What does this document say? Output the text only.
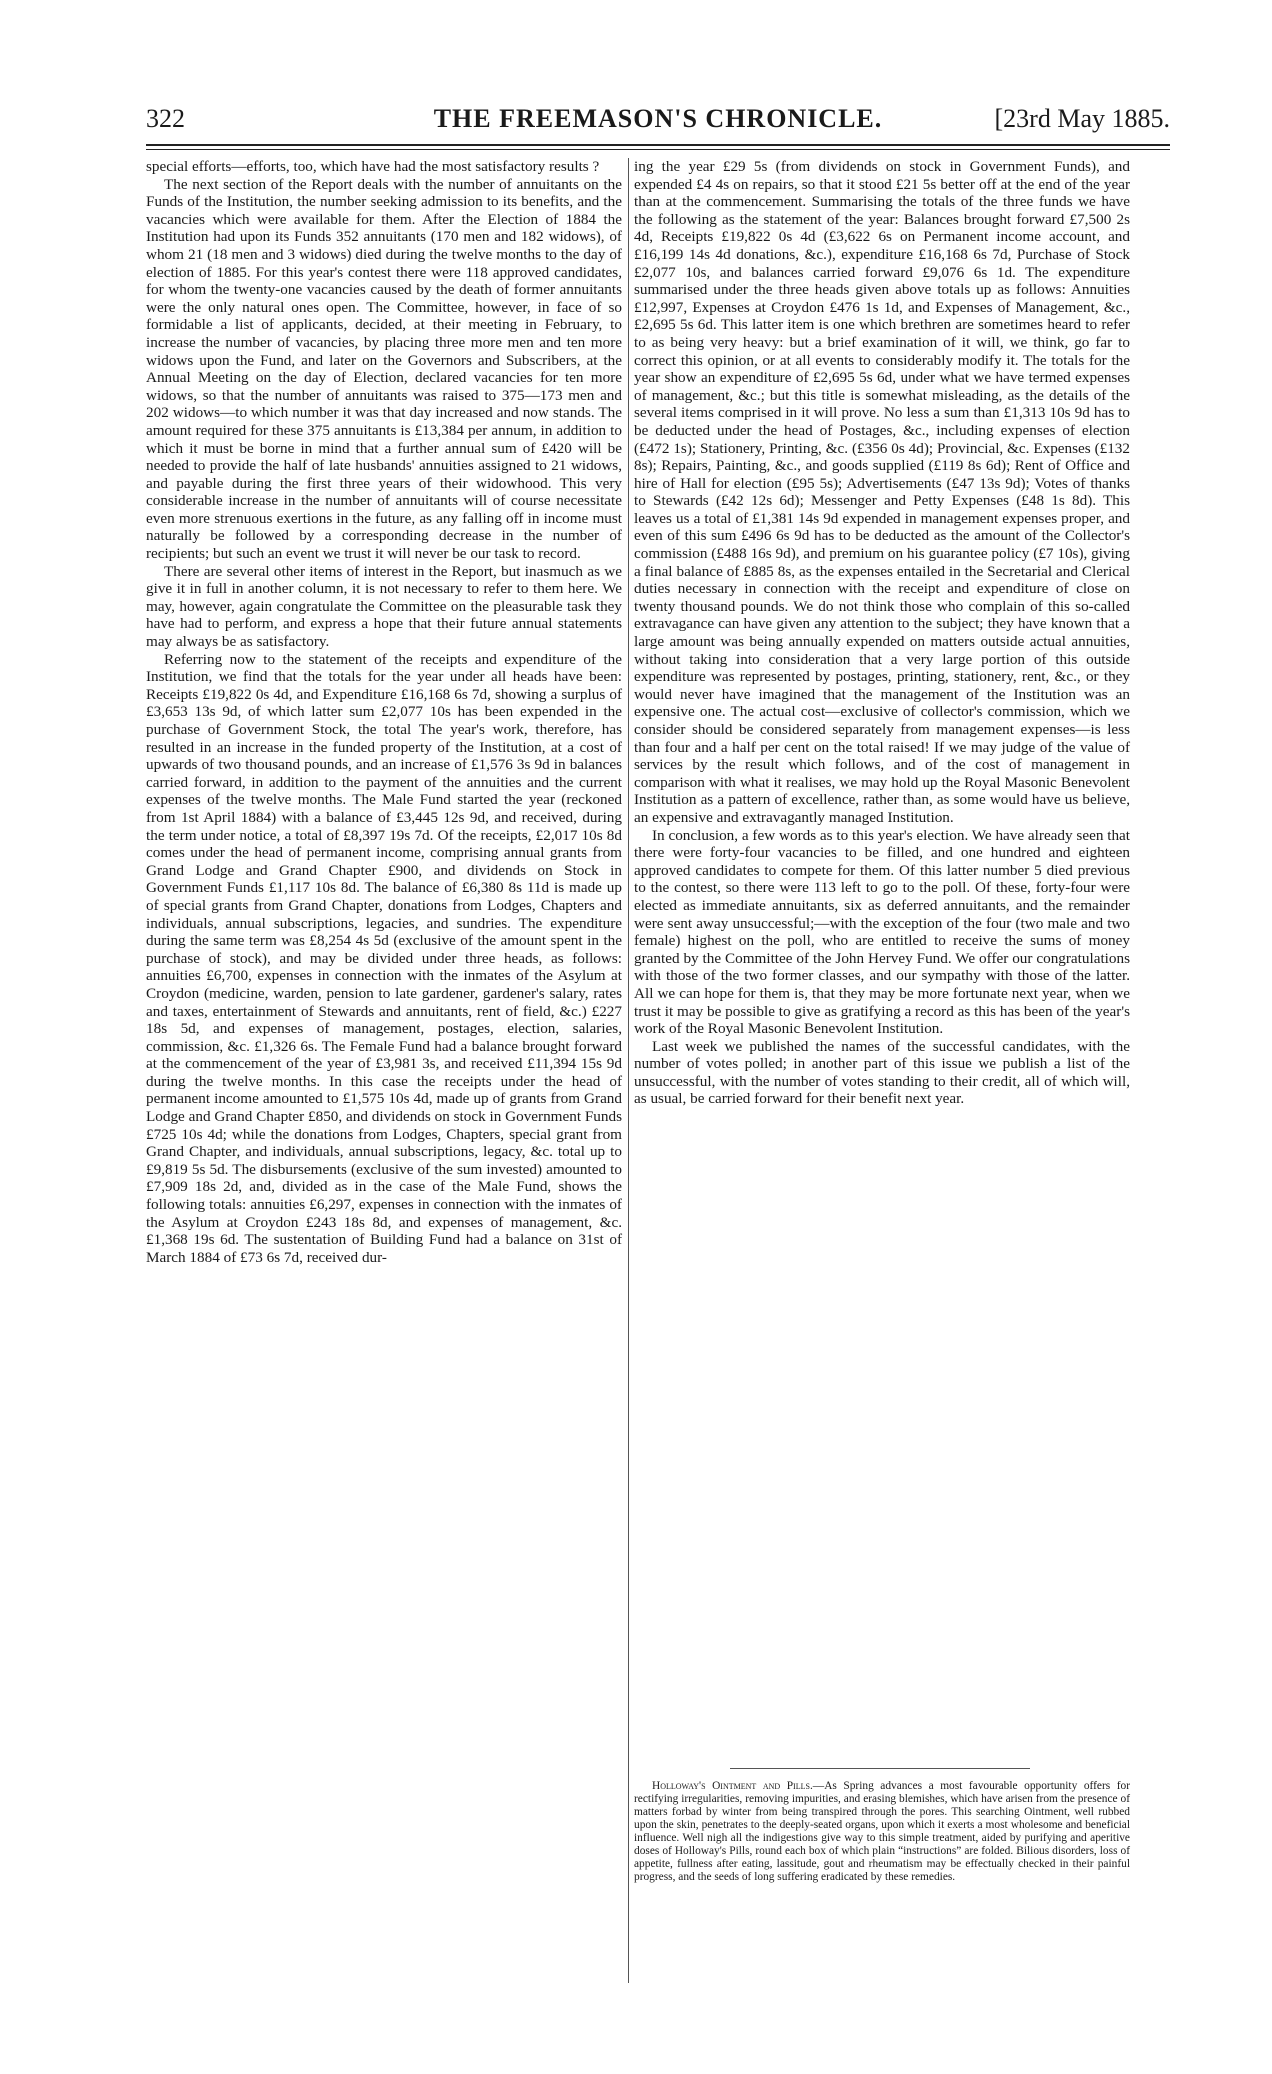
322	THE FREEMASON'S CHRONICLE.	[23rd May 1885.

special efforts—efforts, too, which have had the most satisfactory results ?

The next section of the Report deals with the number of annuitants on the Funds of the Institution, the number seeking admission to its benefits, and the vacancies which were available for them. After the Election of 1884 the Institution had upon its Funds 352 annuitants (170 men and 182 widows), of whom 21 (18 men and 3 widows) died during the twelve months to the day of election of 1885. For this year's contest there were 118 approved candidates, for whom the twenty-one vacancies caused by the death of former annuitants were the only natural ones open. The Committee, however, in face of so formidable a list of applicants, decided, at their meeting in February, to increase the number of vacancies, by placing three more men and ten more widows upon the Fund, and later on the Governors and Subscribers, at the Annual Meeting on the day of Election, declared vacancies for ten more widows, so that the number of annuitants was raised to 375—173 men and 202 widows—to which number it was that day increased and now stands. The amount required for these 375 annuitants is £13,384 per annum, in addition to which it must be borne in mind that a further annual sum of £420 will be needed to provide the half of late husbands' annuities assigned to 21 widows, and payable during the first three years of their widowhood. This very considerable increase in the number of annuitants will of course necessitate even more strenuous exertions in the future, as any falling off in income must naturally be followed by a corresponding decrease in the number of recipients; but such an event we trust it will never be our task to record.

There are several other items of interest in the Report, but inasmuch as we give it in full in another column, it is not necessary to refer to them here. We may, however, again congratulate the Committee on the pleasurable task they have had to perform, and express a hope that their future annual statements may always be as satisfactory.

Referring now to the statement of the receipts and expenditure of the Institution, we find that the totals for the year under all heads have been: Receipts £19,822 0s 4d, and Expenditure £16,168 6s 7d, showing a surplus of £3,653 13s 9d, of which latter sum £2,077 10s has been expended in the purchase of Government Stock, the total The year's work, therefore, has resulted in an increase in the funded property of the Institution, at a cost of upwards of two thousand pounds, and an increase of £1,576 3s 9d in balances carried forward, in addition to the payment of the annuities and the current expenses of the twelve months. The Male Fund started the year (reckoned from 1st April 1884) with a balance of £3,445 12s 9d, and received, during the term under notice, a total of £8,397 19s 7d. Of the receipts, £2,017 10s 8d comes under the head of permanent income, comprising annual grants from Grand Lodge and Grand Chapter £900, and dividends on Stock in Government Funds £1,117 10s 8d. The balance of £6,380 8s 11d is made up of special grants from Grand Chapter, donations from Lodges, Chapters and individuals, annual subscriptions, legacies, and sundries. The expenditure during the same term was £8,254 4s 5d (exclusive of the amount spent in the purchase of stock), and may be divided under three heads, as follows: annuities £6,700, expenses in connection with the inmates of the Asylum at Croydon (medicine, warden, pension to late gardener, gardener's salary, rates and taxes, entertainment of Stewards and annuitants, rent of field, &c.) £227 18s 5d, and expenses of management, postages, election, salaries, commission, &c. £1,326 6s. The Female Fund had a balance brought forward at the commencement of the year of £3,981 3s, and received £11,394 15s 9d during the twelve months. In this case the receipts under the head of permanent income amounted to £1,575 10s 4d, made up of grants from Grand Lodge and Grand Chapter £850, and dividends on stock in Government Funds £725 10s 4d; while the donations from Lodges, Chapters, special grant from Grand Chapter, and individuals, annual subscriptions, legacy, &c. total up to £9,819 5s 5d. The disbursements (exclusive of the sum invested) amounted to £7,909 18s 2d, and, divided as in the case of the Male Fund, shows the following totals: annuities £6,297, expenses in connection with the inmates of the Asylum at Croydon £243 18s 8d, and expenses of management, &c. £1,368 19s 6d. The sustentation of Building Fund had a balance on 31st of March 1884 of £73 6s 7d, received dur-

ing the year £29 5s (from dividends on stock in Government Funds), and expended £4 4s on repairs, so that it stood £21 5s better off at the end of the year than at the commencement. Summarising the totals of the three funds we have the following as the statement of the year: Balances brought forward £7,500 2s 4d, Receipts £19,822 0s 4d (£3,622 6s on Permanent income account, and £16,199 14s 4d donations, &c.), expenditure £16,168 6s 7d, Purchase of Stock £2,077 10s, and balances carried forward £9,076 6s 1d. The expenditure summarised under the three heads given above totals up as follows: Annuities £12,997, Expenses at Croydon £476 1s 1d, and Expenses of Management, &c., £2,695 5s 6d. This latter item is one which brethren are sometimes heard to refer to as being very heavy: but a brief examination of it will, we think, go far to correct this opinion, or at all events to considerably modify it. The totals for the year show an expenditure of £2,695 5s 6d, under what we have termed expenses of management, &c.; but this title is somewhat misleading, as the details of the several items comprised in it will prove. No less a sum than £1,313 10s 9d has to be deducted under the head of Postages, &c., including expenses of election (£472 1s); Stationery, Printing, &c. (£356 0s 4d); Provincial, &c. Expenses (£132 8s); Repairs, Painting, &c., and goods supplied (£119 8s 6d); Rent of Office and hire of Hall for election (£95 5s); Advertisements (£47 13s 9d); Votes of thanks to Stewards (£42 12s 6d); Messenger and Petty Expenses (£48 1s 8d). This leaves us a total of £1,381 14s 9d expended in management expenses proper, and even of this sum £496 6s 9d has to be deducted as the amount of the Collector's commission (£488 16s 9d), and premium on his guarantee policy (£7 10s), giving a final balance of £885 8s, as the expenses entailed in the Secretarial and Clerical duties necessary in connection with the receipt and expenditure of close on twenty thousand pounds. We do not think those who complain of this so-called extravagance can have given any attention to the subject; they have known that a large amount was being annually expended on matters outside actual annuities, without taking into consideration that a very large portion of this outside expenditure was represented by postages, printing, stationery, rent, &c., or they would never have imagined that the management of the Institution was an expensive one. The actual cost—exclusive of collector's commission, which we consider should be considered separately from management expenses—is less than four and a half per cent on the total raised! If we may judge of the value of services by the result which follows, and of the cost of management in comparison with what it realises, we may hold up the Royal Masonic Benevolent Institution as a pattern of excellence, rather than, as some would have us believe, an expensive and extravagantly managed Institution.

In conclusion, a few words as to this year's election. We have already seen that there were forty-four vacancies to be filled, and one hundred and eighteen approved candidates to compete for them. Of this latter number 5 died previous to the contest, so there were 113 left to go to the poll. Of these, forty-four were elected as immediate annuitants, six as deferred annuitants, and the remainder were sent away unsuccessful;—with the exception of the four (two male and two female) highest on the poll, who are entitled to receive the sums of money granted by the Committee of the John Hervey Fund. We offer our congratulations with those of the two former classes, and our sympathy with those of the latter. All we can hope for them is, that they may be more fortunate next year, when we trust it may be possible to give as gratifying a record as this has been of the year's work of the Royal Masonic Benevolent Institution.

Last week we published the names of the successful candidates, with the number of votes polled; in another part of this issue we publish a list of the unsuccessful, with the number of votes standing to their credit, all of which will, as usual, be carried forward for their benefit next year.

Holloway's Ointment and Pills.—As Spring advances a most favourable opportunity offers for rectifying irregularities, removing impurities, and erasing blemishes, which have arisen from the presence of matters forbad by winter from being transpired through the pores. This searching Ointment, well rubbed upon the skin, penetrates to the deeply-seated organs, upon which it exerts a most wholesome and beneficial influence. Well nigh all the indigestions give way to this simple treatment, aided by purifying and aperitive doses of Holloway's Pills, round each box of which plain “instructions” are folded. Bilious disorders, loss of appetite, fullness after eating, lassitude, gout and rheumatism may be effectually checked in their painful progress, and the seeds of long suffering eradicated by these remedies.
